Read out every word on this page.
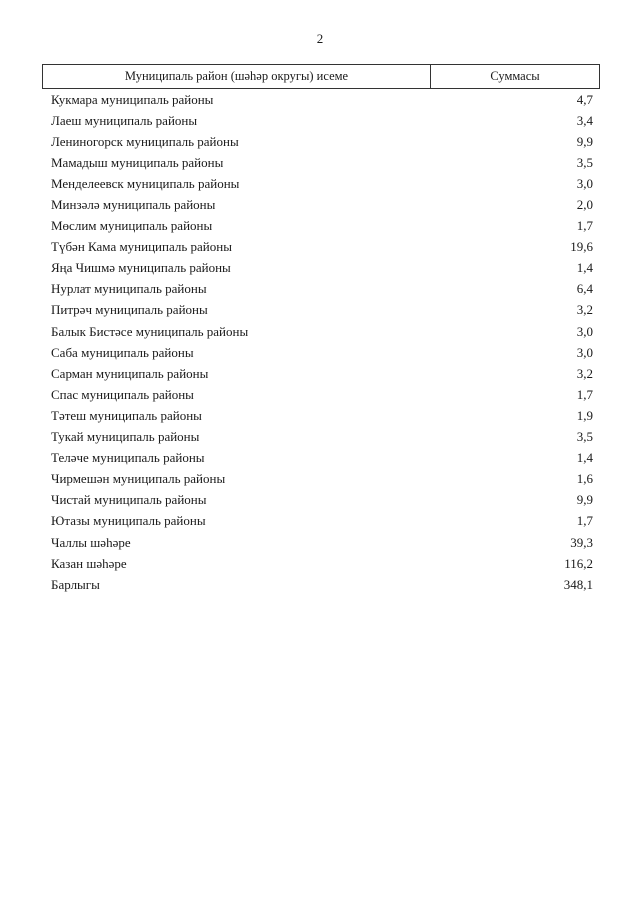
2
Муниципаль район (шәһәр округы) исеме	Суммасы
Кукмара муниципаль районы	4,7
Лаеш муниципаль районы	3,4
Лениногорск муниципаль районы	9,9
Мамадыш муниципаль районы	3,5
Менделеевск муниципаль районы	3,0
Минзәлә муниципаль районы	2,0
Мөслим муниципаль районы	1,7
Түбән Кама муниципаль районы	19,6
Яңа Чишмә муниципаль районы	1,4
Нурлат муниципаль районы	6,4
Питрәч муниципаль районы	3,2
Балык Бистәсе муниципаль районы	3,0
Саба муниципаль районы	3,0
Сарман муниципаль районы	3,2
Спас муниципаль районы	1,7
Тәтеш муниципаль районы	1,9
Тукай муниципаль районы	3,5
Теләче муниципаль районы	1,4
Чирмешән муниципаль районы	1,6
Чистай муниципаль районы	9,9
Ютазы муниципаль районы	1,7
Чаллы шәһәре	39,3
Казан шәһәре	116,2
Барлыгы	348,1
